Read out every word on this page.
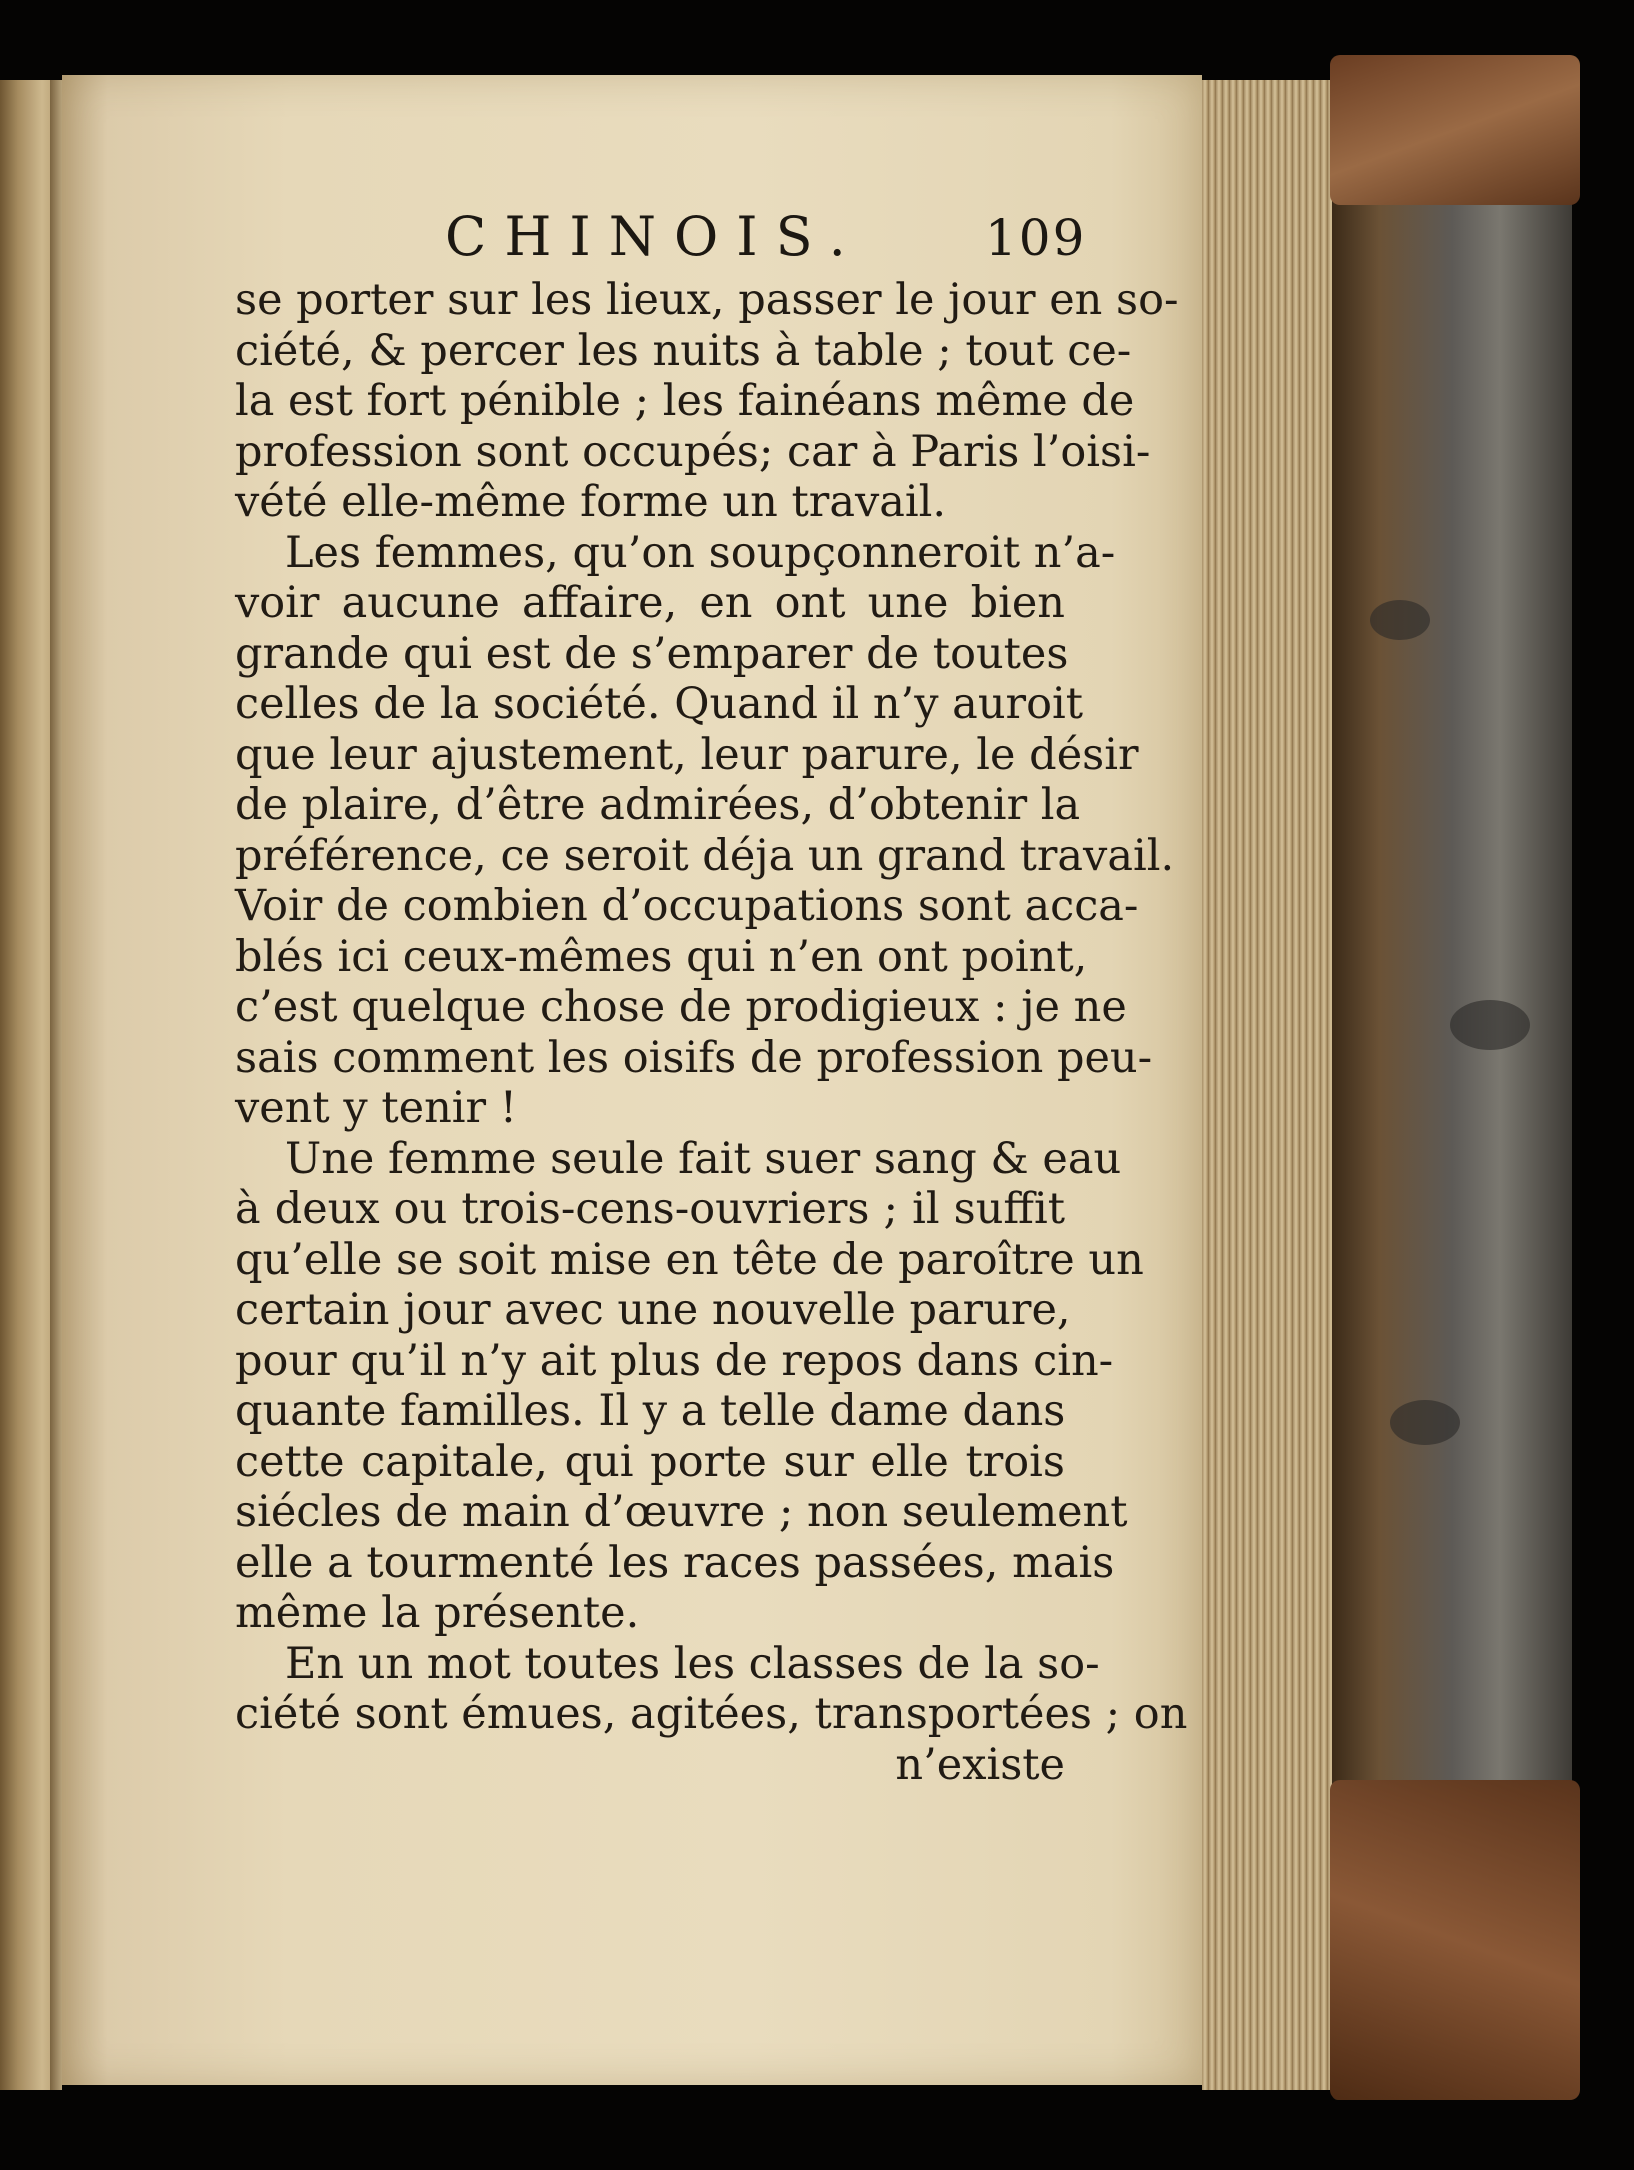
CHINOIS. 109
se porter sur les lieux, passer le jour en so-
ciété, & percer les nuits à table ; tout ce-
la est fort pénible ; les fainéans même de
profession sont occupés; car à Paris l’oisi-
vété elle-même forme un travail.
Les femmes, qu’on soupçonneroit n’a-
voir aucune affaire, en ont une bien
grande qui est de s’emparer de toutes
celles de la société. Quand il n’y auroit
que leur ajustement, leur parure, le désir
de plaire, d’être admirées, d’obtenir la
préférence, ce seroit déja un grand travail.
Voir de combien d’occupations sont acca-
blés ici ceux-mêmes qui n’en ont point,
c’est quelque chose de prodigieux : je ne
sais comment les oisifs de profession peu-
vent y tenir !
Une femme seule fait suer sang & eau
à deux ou trois-cens-ouvriers ; il suffit
qu’elle se soit mise en tête de paroître un
certain jour avec une nouvelle parure,
pour qu’il n’y ait plus de repos dans cin-
quante familles. Il y a telle dame dans
cette capitale, qui porte sur elle trois
siécles de main d’œuvre ; non seulement
elle a tourmenté les races passées, mais
même la présente.
En un mot toutes les classes de la so-
ciété sont émues, agitées, transportées ; on
n’existe
